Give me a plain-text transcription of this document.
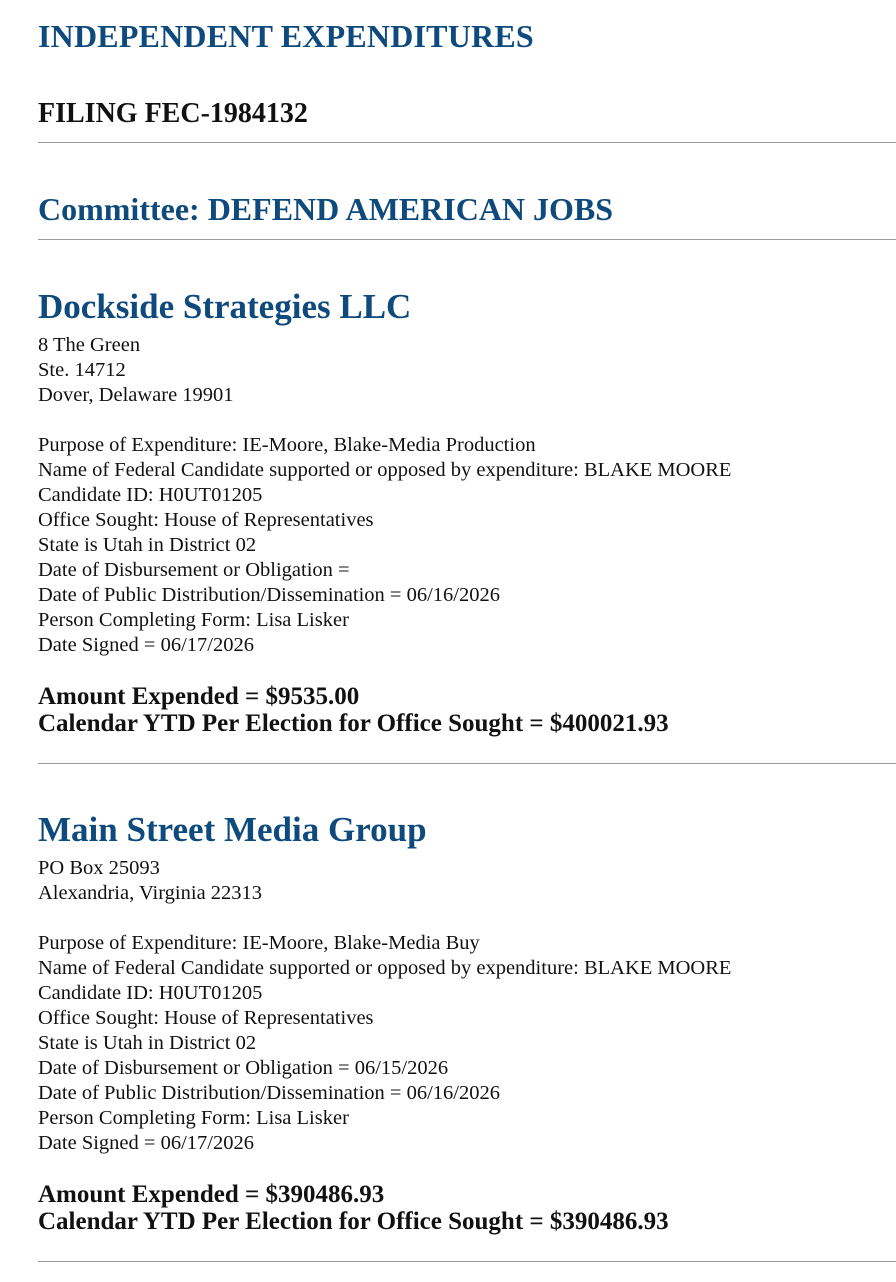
INDEPENDENT EXPENDITURES
FILING FEC-1984132
Committee: DEFEND AMERICAN JOBS
Dockside Strategies LLC
8 The Green
Ste. 14712
Dover, Delaware 19901
Purpose of Expenditure: IE-Moore, Blake-Media Production
Name of Federal Candidate supported or opposed by expenditure: BLAKE MOORE
Candidate ID: H0UT01205
Office Sought: House of Representatives
State is Utah in District 02
Date of Disbursement or Obligation =
Date of Public Distribution/Dissemination = 06/16/2026
Person Completing Form: Lisa Lisker
Date Signed = 06/17/2026
Amount Expended = $9535.00
Calendar YTD Per Election for Office Sought = $400021.93
Main Street Media Group
PO Box 25093
Alexandria, Virginia 22313
Purpose of Expenditure: IE-Moore, Blake-Media Buy
Name of Federal Candidate supported or opposed by expenditure: BLAKE MOORE
Candidate ID: H0UT01205
Office Sought: House of Representatives
State is Utah in District 02
Date of Disbursement or Obligation = 06/15/2026
Date of Public Distribution/Dissemination = 06/16/2026
Person Completing Form: Lisa Lisker
Date Signed = 06/17/2026
Amount Expended = $390486.93
Calendar YTD Per Election for Office Sought = $390486.93
